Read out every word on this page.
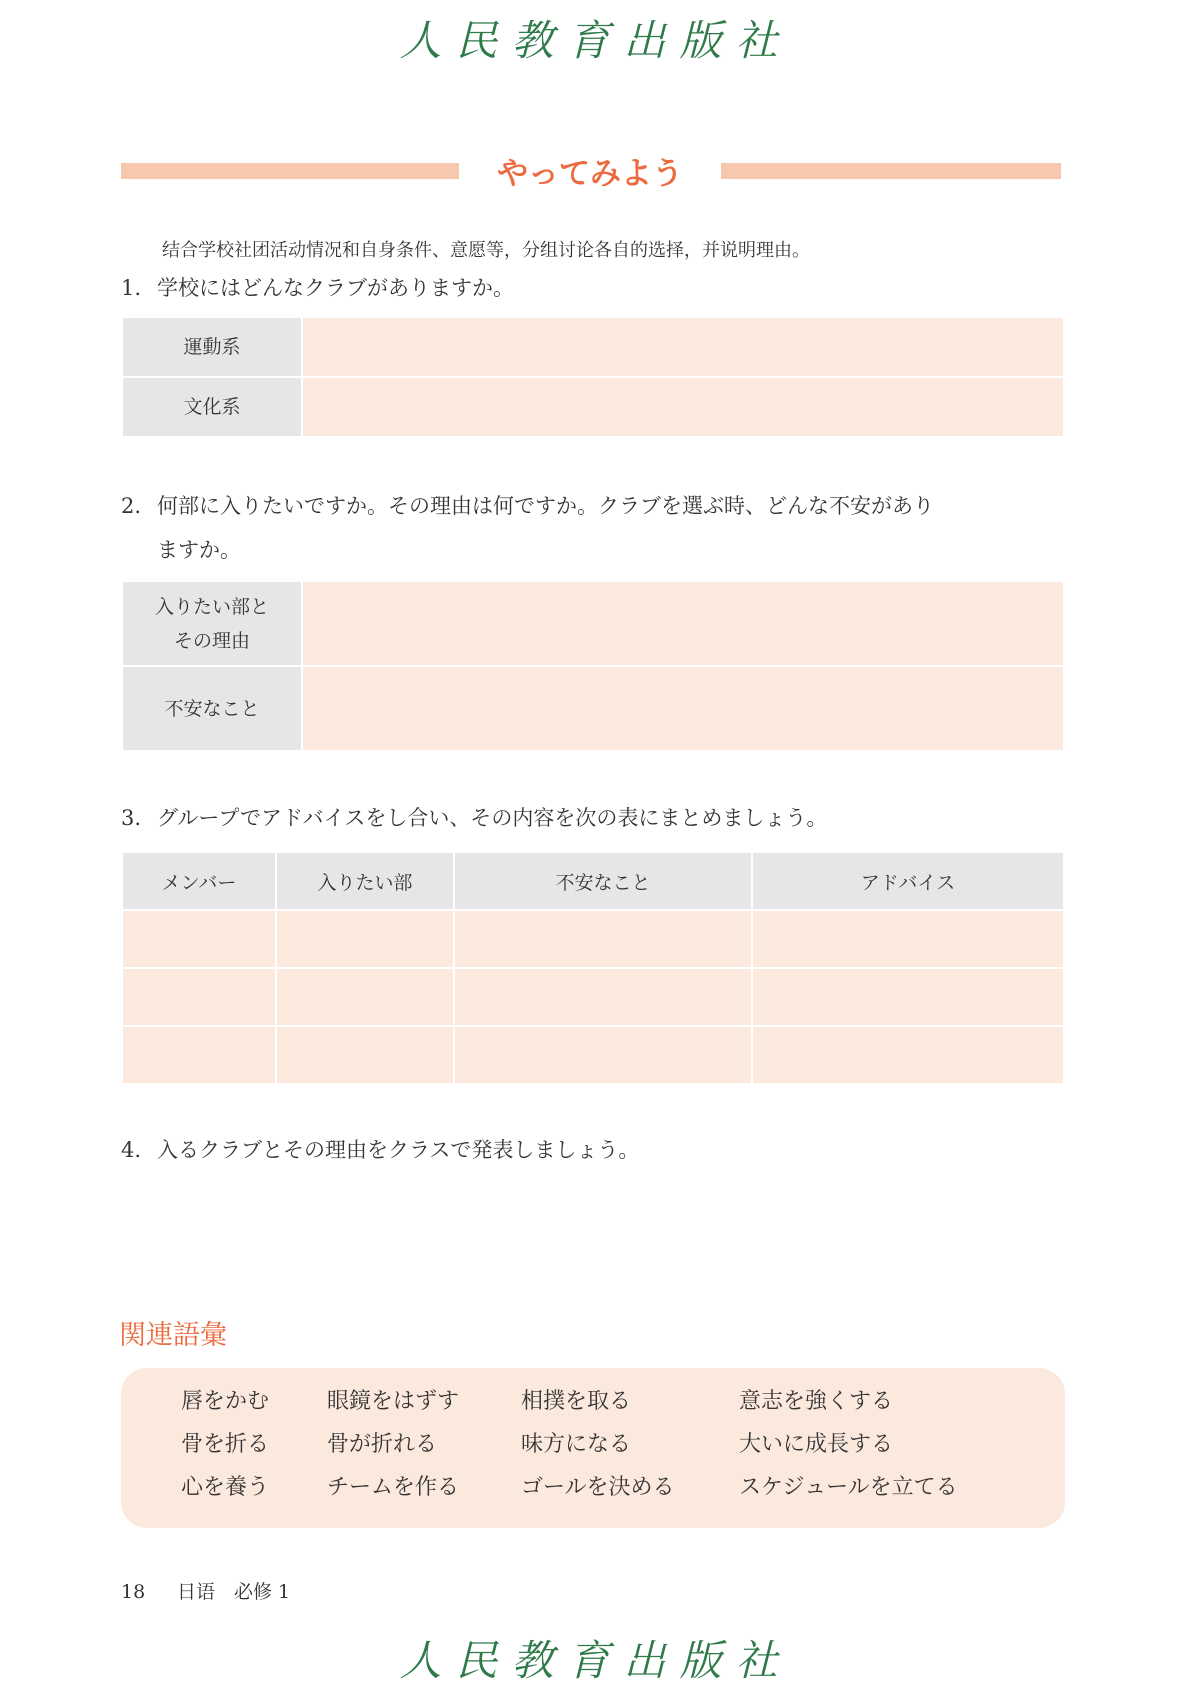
人民教育出版社
やってみよう
结合学校社团活动情况和自身条件、意愿等，分组讨论各自的选择，并说明理由。
1. 学校にはどんなクラブがありますか。
運動系	
文化系	
2. 何部に入りたいですか。その理由は何ですか。クラブを選ぶ時、どんな不安があり
ますか。
入りたい部と
その理由	
不安なこと	
3. グループでアドバイスをし合い、その内容を次の表にまとめましょう。
メンバー	入りたい部	不安なこと	アドバイス

4. 入るクラブとその理由をクラスで発表しましょう。
関連語彙
唇をかむ	眼鏡をはずす	相撲を取る	意志を強くする
骨を折る	骨が折れる	味方になる	大いに成長する
心を養う	チームを作る	ゴールを決める	スケジュールを立てる
18 日语　必修 1
人民教育出版社
